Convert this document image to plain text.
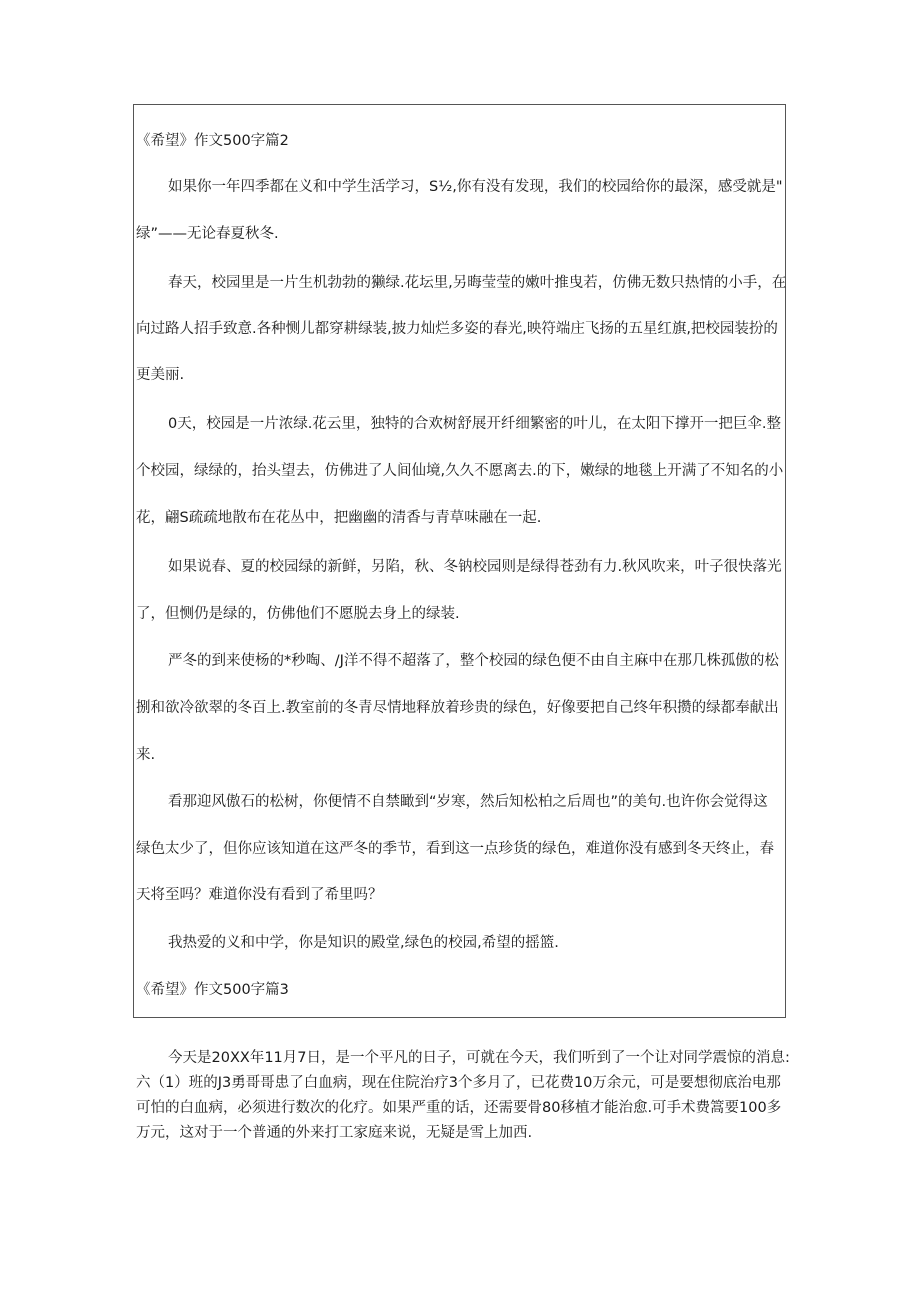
《希望》作文500字篇2
如果你一年四季都在义和中学生活学习，S½,你有没有发现，我们的校园给你的最深，感受就是"
绿”——无论春夏秋冬.
春天，校园里是一片生机勃勃的獭绿.花坛里,另晦莹莹的嫩叶推曳若，仿佛无数只热情的小手，在
向过路人招手致意.各种恻儿都穿耕绿装,披力灿烂多姿的春光,映符端庄飞扬的五星红旗,把校园装扮的
更美丽.
0天，校园是一片浓绿.花云里，独特的合欢树舒展开纤细繁密的叶儿，在太阳下撑开一把巨伞.整
个校园，绿绿的，抬头望去，仿佛进了人间仙境,久久不愿离去.的下，嫩绿的地毯上开满了不知名的小
花，翩S疏疏地散布在花丛中，把幽幽的清香与青草味融在一起.
如果说春、夏的校园绿的新鲜，另陷，秋、冬钠校园则是绿得苍劲有力.秋风吹来，叶子很快落光
了，但恻仍是绿的，仿佛他们不愿脱去身上的绿装.
严冬的到来使杨的*秒啕、/J洋不得不超落了，整个校园的绿色便不由自主麻中在那几株孤傲的松
捌和欲冷欲翠的冬百上.教室前的冬青尽情地释放着珍贵的绿色，好像要把自己终年积攒的绿都奉献出
来.
看那迎风傲石的松树，你便情不自禁瞰到“岁寒，然后知松柏之后周也”的美句.也许你会觉得这
绿色太少了，但你应该知道在这严冬的季节，看到这一点珍货的绿色，难道你没有感到冬天终止，春
天将至吗？难道你没有看到了希里吗？
我热爱的义和中学，你是知识的殿堂,绿色的校园,希望的摇篮.
《希望》作文500字篇3
今天是20XX年11月7日，是一个平凡的日子，可就在今天，我们听到了一个让对同学震惊的消息:
六（1）班的J3勇哥哥患了白血病，现在住院治疗3个多月了，已花费10万余元，可是要想彻底治电那
可怕的白血病，必须进行数次的化疗。如果严重的话，还需要骨80移植才能治愈.可手术费篙要100多
万元，这对于一个普通的外来打工家庭来说，无疑是雪上加西.
